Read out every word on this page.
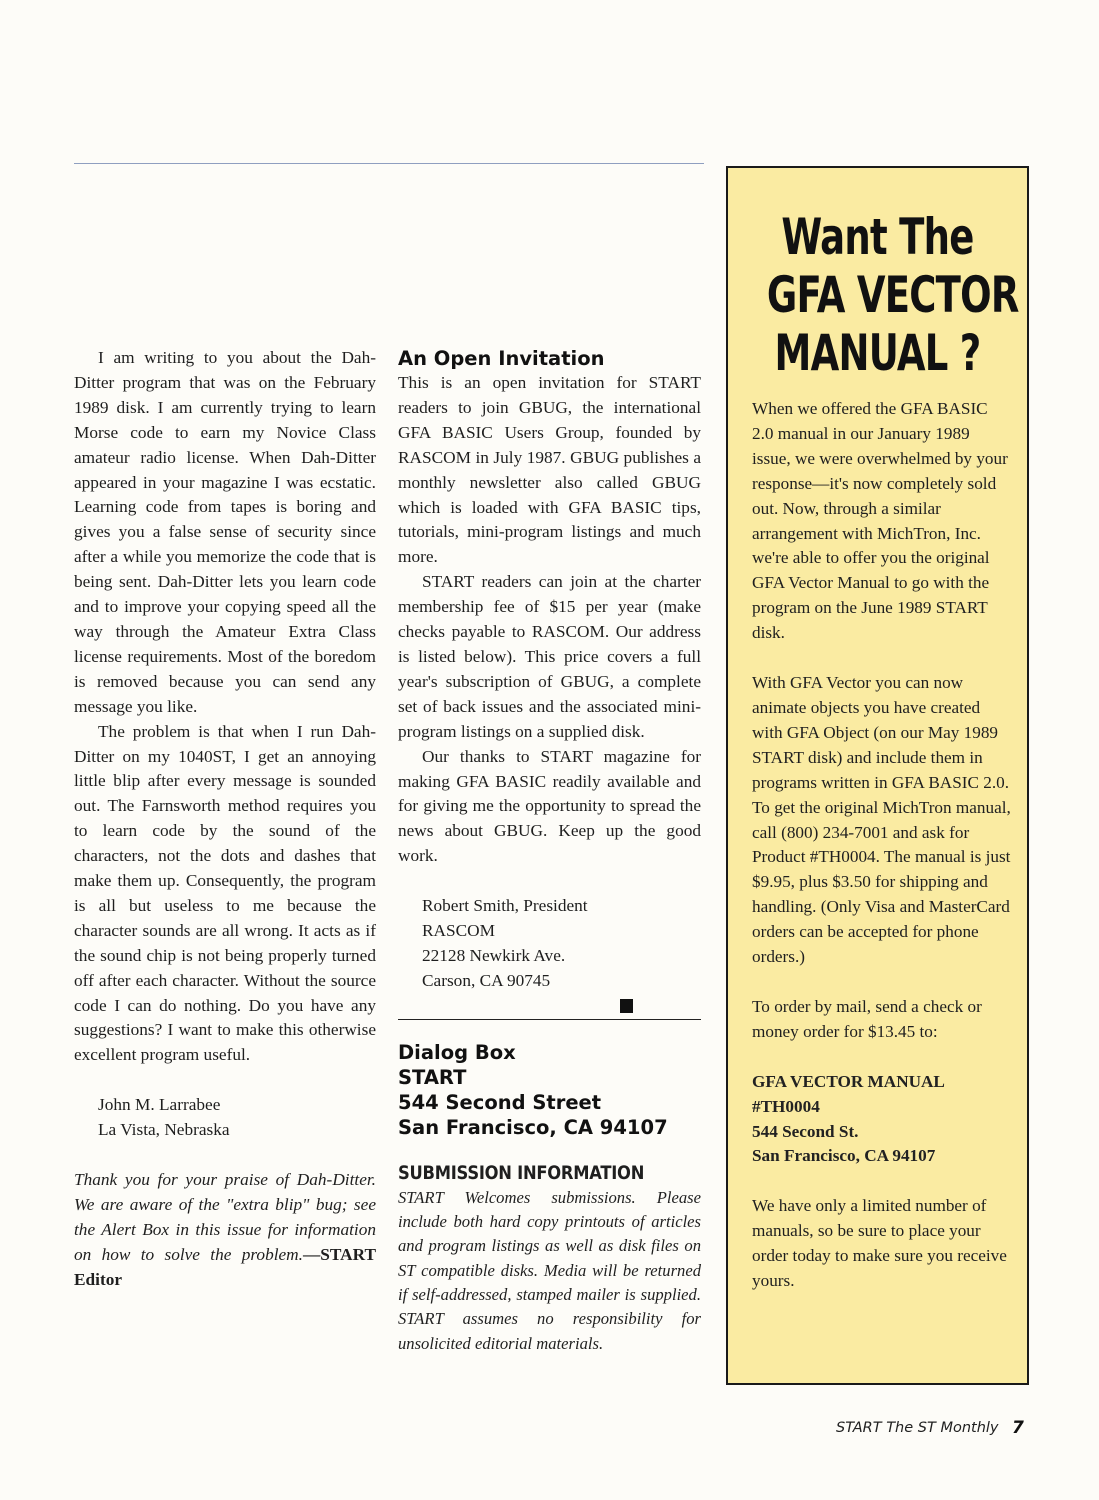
I am writing to you about the Dah-Ditter program that was on the February 1989 disk. I am currently trying to learn Morse code to earn my Novice Class amateur radio license. When Dah-Ditter appeared in your magazine I was ecstatic. Learning code from tapes is boring and gives you a false sense of security since after a while you memorize the code that is being sent. Dah-Ditter lets you learn code and to improve your copying speed all the way through the Amateur Extra Class license requirements. Most of the boredom is removed because you can send any message you like.

The problem is that when I run Dah-Ditter on my 1040ST, I get an annoying little blip after every message is sounded out. The Farnsworth method requires you to learn code by the sound of the characters, not the dots and dashes that make them up. Consequently, the program is all but useless to me because the character sounds are all wrong. It acts as if the sound chip is not being properly turned off after each character. Without the source code I can do nothing. Do you have any suggestions? I want to make this otherwise excellent program useful.

John M. Larrabee

La Vista, Nebraska

Thank you for your praise of Dah-Ditter. We are aware of the "extra blip" bug; see the Alert Box in this issue for information on how to solve the problem.—START Editor

An Open Invitation

This is an open invitation for START readers to join GBUG, the international GFA BASIC Users Group, founded by RASCOM in July 1987. GBUG publishes a monthly newsletter also called GBUG which is loaded with GFA BASIC tips, tutorials, mini-program listings and much more.

START readers can join at the charter membership fee of $15 per year (make checks payable to RASCOM. Our address is listed below). This price covers a full year's subscription of GBUG, a complete set of back issues and the associated mini-program listings on a supplied disk.

Our thanks to START magazine for making GFA BASIC readily available and for giving me the opportunity to spread the news about GBUG. Keep up the good work.

Robert Smith, President

RASCOM

22128 Newkirk Ave.

Carson, CA 90745

Dialog Box
START
544 Second Street
San Francisco, CA 94107
SUBMISSION INFORMATION

START Welcomes submissions. Please include both hard copy printouts of articles and program listings as well as disk files on ST compatible disks. Media will be returned if self-addressed, stamped mailer is supplied. START assumes no responsibility for unsolicited editorial materials.

Want The
GFA VECTOR
MANUAL ?

When we offered the GFA BASIC 2.0 manual in our January 1989 issue, we were overwhelmed by your response—it's now completely sold out. Now, through a similar arrangement with MichTron, Inc. we're able to offer you the original GFA Vector Manual to go with the program on the June 1989 START disk.

With GFA Vector you can now animate objects you have created with GFA Object (on our May 1989 START disk) and include them in programs written in GFA BASIC 2.0. To get the original MichTron manual, call (800) 234-7001 and ask for Product #TH0004. The manual is just $9.95, plus $3.50 for shipping and handling. (Only Visa and MasterCard orders can be accepted for phone orders.)

To order by mail, send a check or money order for $13.45 to:

GFA VECTOR MANUAL

#TH0004

544 Second St.

San Francisco, CA 94107

We have only a limited number of manuals, so be sure to place your order today to make sure you receive yours.

START The ST Monthly 7
